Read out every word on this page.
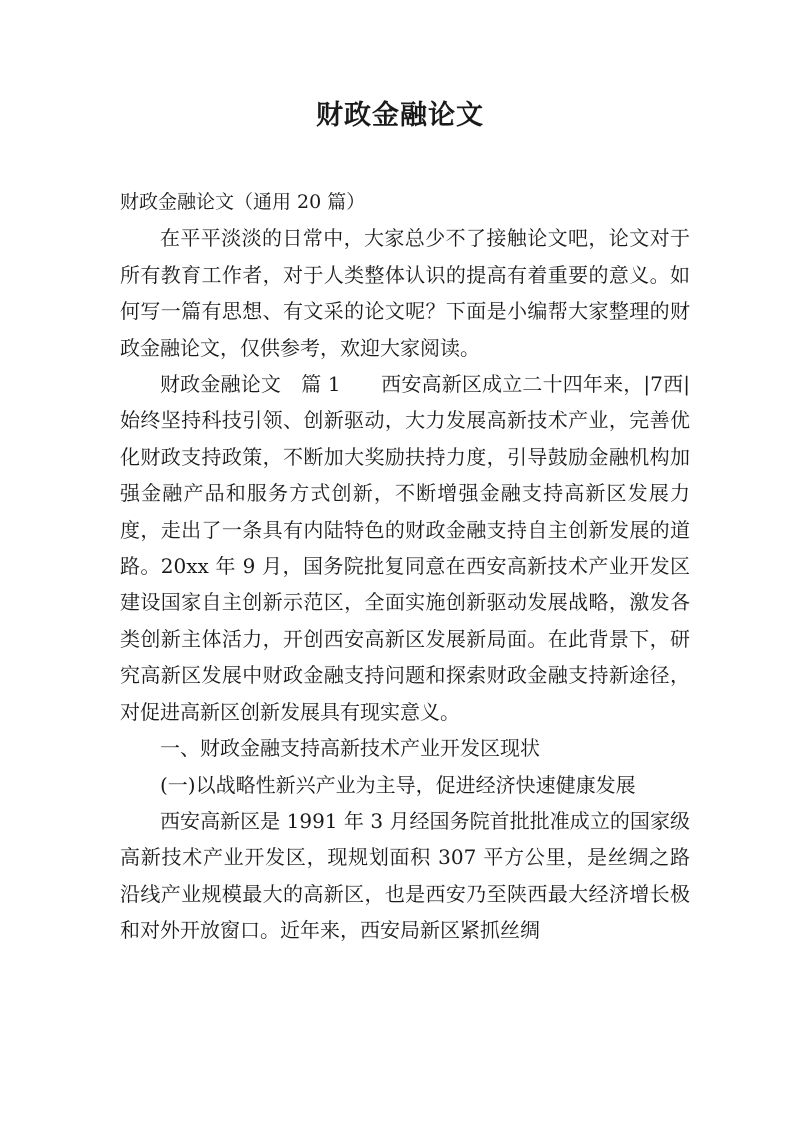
财政金融论文

财政金融论文（通用 20 篇）

在平平淡淡的日常中，大家总少不了接触论文吧，论文对于所有教育工作者，对于人类整体认识的提高有着重要的意义。如何写一篇有思想、有文采的论文呢？下面是小编帮大家整理的财政金融论文，仅供参考，欢迎大家阅读。

财政金融论文　篇 1　　西安高新区成立二十四年来，|7西|始终坚持科技引领、创新驱动，大力发展高新技术产业，完善优化财政支持政策，不断加大奖励扶持力度，引导鼓励金融机构加强金融产品和服务方式创新，不断增强金融支持高新区发展力度，走出了一条具有内陆特色的财政金融支持自主创新发展的道路。20xx 年 9 月，国务院批复同意在西安高新技术产业开发区建设国家自主创新示范区，全面实施创新驱动发展战略，激发各类创新主体活力，开创西安高新区发展新局面。在此背景下，研究高新区发展中财政金融支持问题和探索财政金融支持新途径，对促进高新区创新发展具有现实意义。

一、财政金融支持高新技术产业开发区现状

(一)以战略性新兴产业为主导，促进经济快速健康发展

西安高新区是 1991 年 3 月经国务院首批批准成立的国家级高新技术产业开发区，现规划面积 307 平方公里，是丝绸之路沿线产业规模最大的高新区，也是西安乃至陕西最大经济增长极和对外开放窗口。近年来，西安局新区紧抓丝绸
